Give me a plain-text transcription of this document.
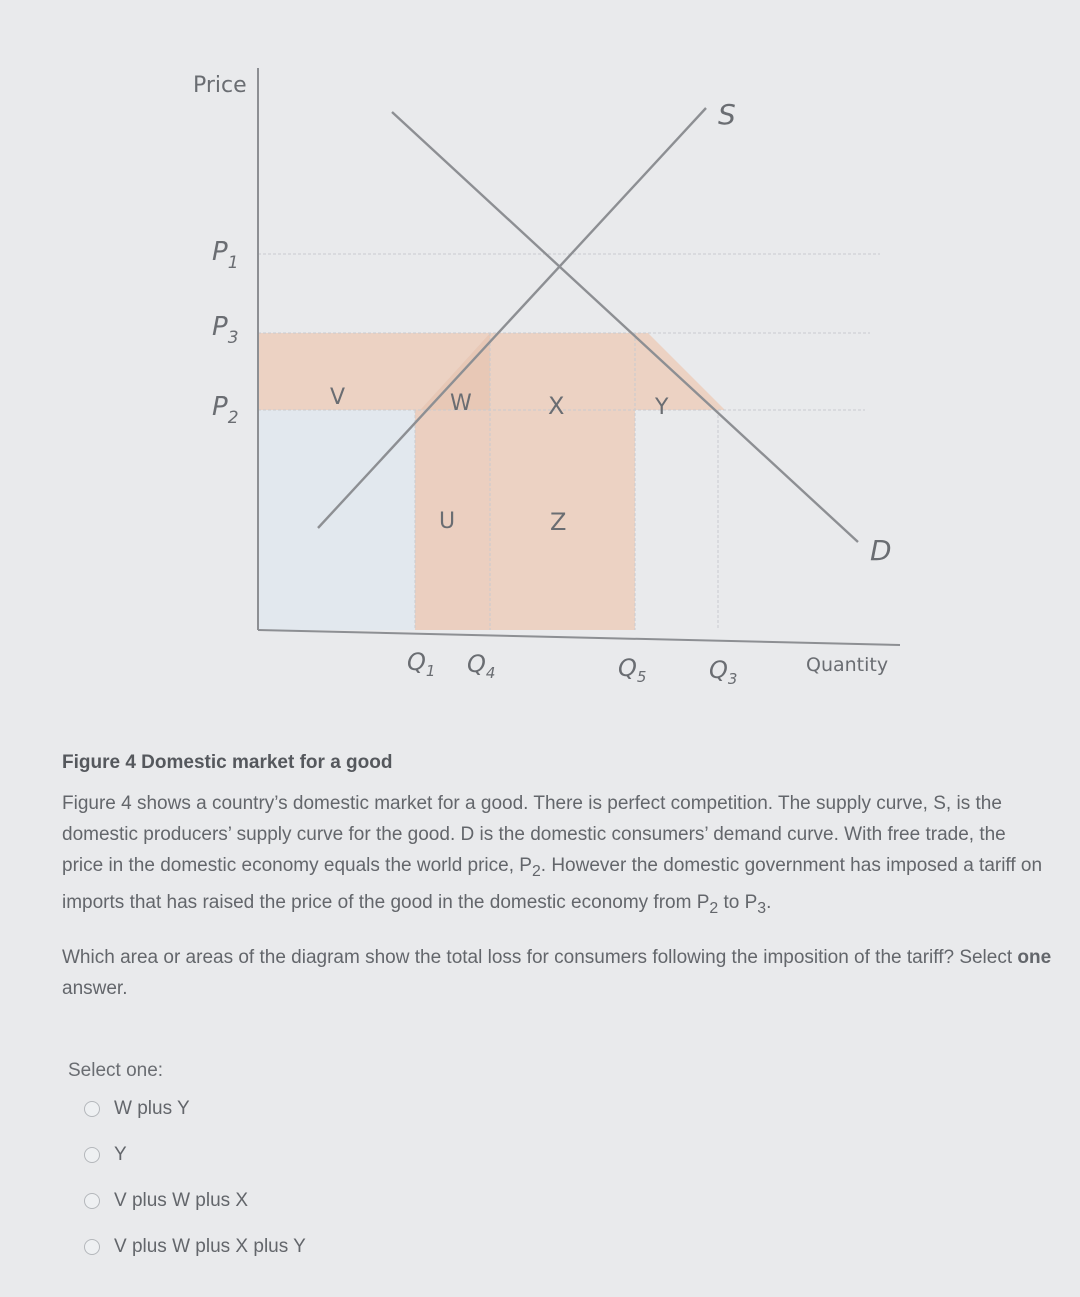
Price
Quantity
$P_1$
$P_3$
$P_2$
$Q_1$ $Q_4$	$Q_5$	$Q_3$
S
D
V	W	X	Y
U	Z

Figure 4 Domestic market for a good

Figure 4 shows a country’s domestic market for a good. There is perfect competition. The supply curve, S, is the domestic producers’ supply curve for the good. D is the domestic consumers’ demand curve. With free trade, the price in the domestic economy equals the world price, $P_2$. However the domestic government has imposed a tariff on imports that has raised the price of the good in the domestic economy from $P_2$ to $P_3$.

Which area or areas of the diagram show the total loss for consumers following the imposition of the tariff? Select one answer.

Select one:
W plus Y
Y
V plus W plus X
V plus W plus X plus Y
